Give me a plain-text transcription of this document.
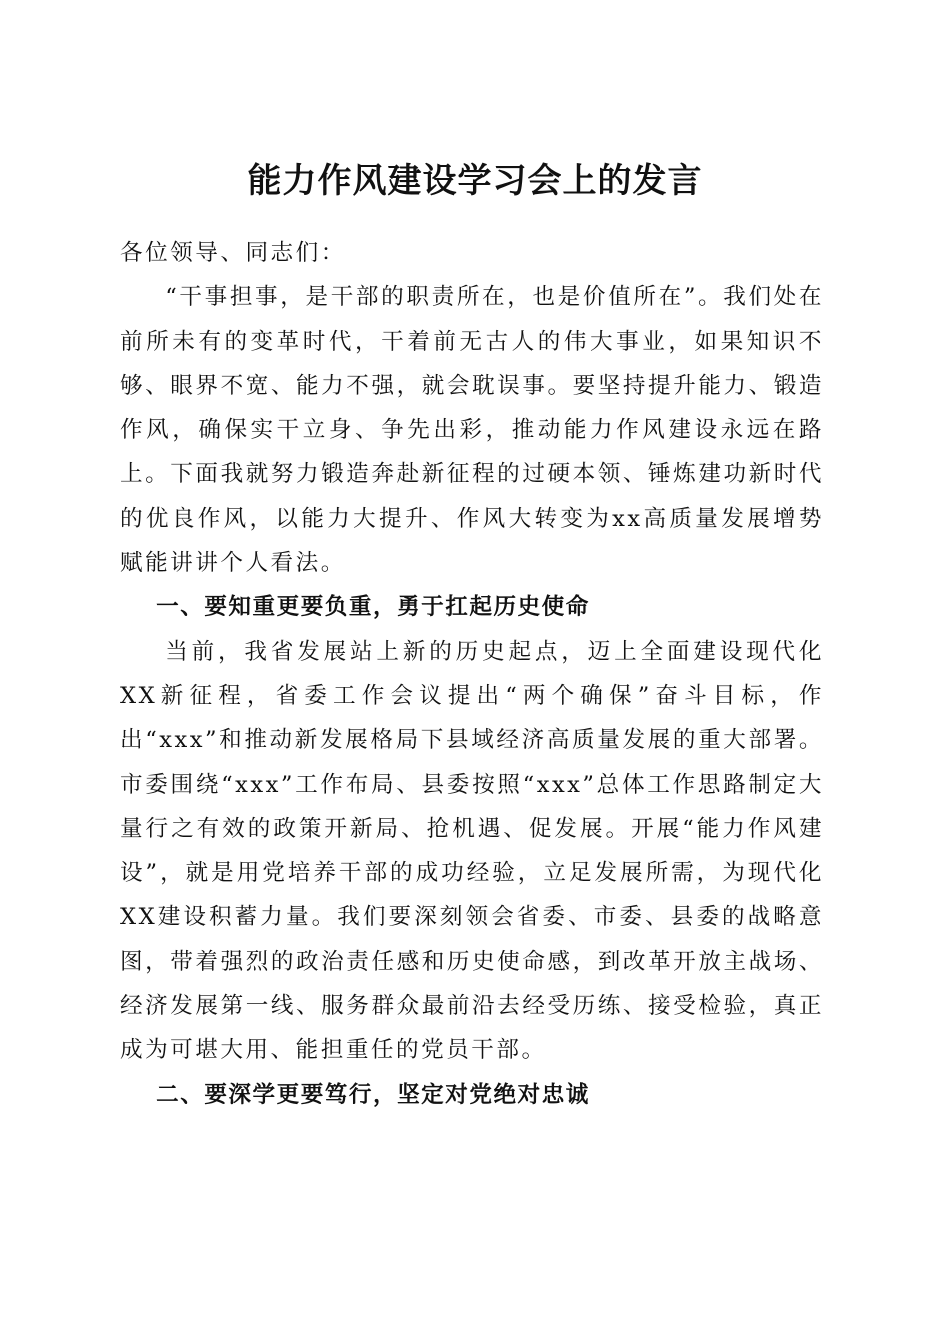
能力作风建设学习会上的发言

各位领导、同志们：

“干事担事，是干部的职责所在，也是价值所在”。我们处在前所未有的变革时代，干着前无古人的伟大事业，如果知识不够、眼界不宽、能力不强，就会耽误事。要坚持提升能力、锻造作风，确保实干立身、争先出彩，推动能力作风建设永远在路上。下面我就努力锻造奔赴新征程的过硬本领、锤炼建功新时代的优良作风，以能力大提升、作风大转变为xx高质量发展增势赋能讲讲个人看法。

一、要知重更要负重，勇于扛起历史使命

当前，我省发展站上新的历史起点，迈上全面建设现代化XX新征程，省委工作会议提出“两个确保”奋斗目标，作出“xxx”和推动新发展格局下县域经济高质量发展的重大部署。市委围绕“xxx”工作布局、县委按照“xxx”总体工作思路制定大量行之有效的政策开新局、抢机遇、促发展。开展“能力作风建设”，就是用党培养干部的成功经验，立足发展所需，为现代化XX建设积蓄力量。我们要深刻领会省委、市委、县委的战略意图，带着强烈的政治责任感和历史使命感，到改革开放主战场、经济发展第一线、服务群众最前沿去经受历练、接受检验，真正成为可堪大用、能担重任的党员干部。

二、要深学更要笃行，坚定对党绝对忠诚
